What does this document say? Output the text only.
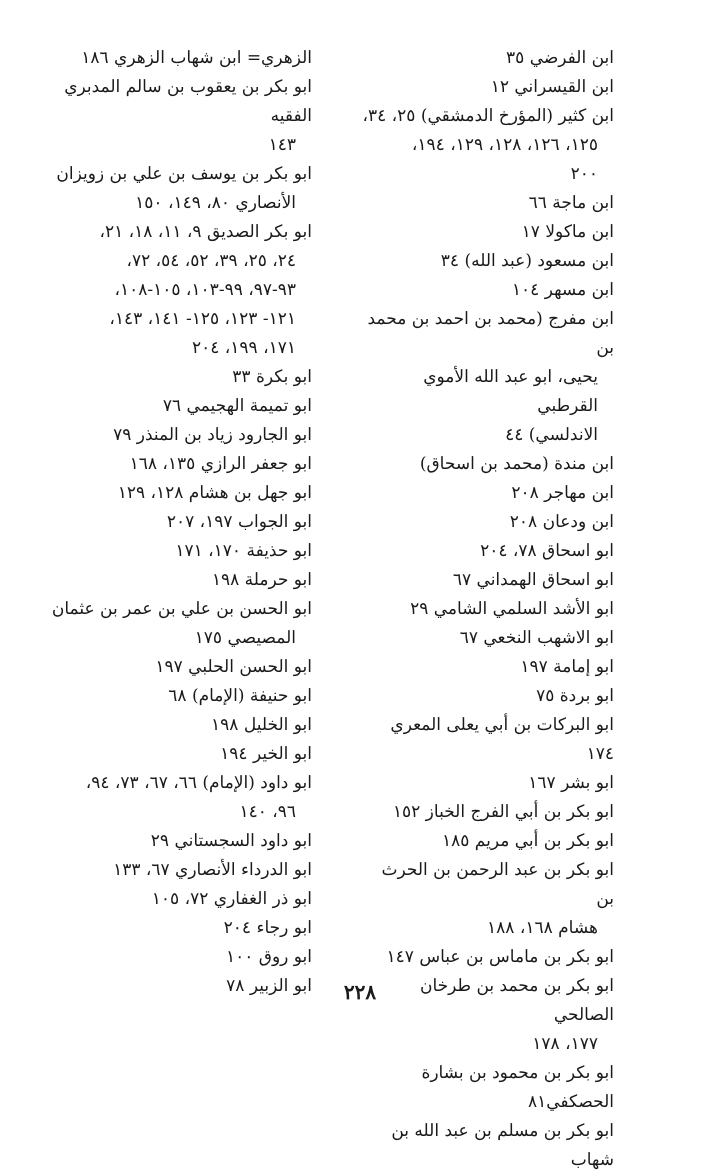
ابن الفرضي ٣٥
ابن القيسراني ١٢
ابن كثير (المؤرخ الدمشقي) ٢٥، ٣٤،

١٢٥، ١٢٦، ١٢٨، ١٢٩، ١٩٤،
٢٠٠
ابن ماجة ٦٦
ابن ماكولا ١٧
ابن مسعود (عبد الله) ٣٤
ابن مسهر ١٠٤
ابن مفرج (محمد بن احمد بن محمد بن

يحيى، ابو عبد الله الأموي القرطبي
الاندلسي) ٤٤
ابن مندة (محمد بن اسحاق)
ابن مهاجر ٢٠٨
ابن ودعان ٢٠٨
ابو اسحاق ٧٨، ٢٠٤
ابو اسحاق الهمداني ٦٧
ابو الأشد السلمي الشامي ٢٩
ابو الاشهب النخعي ٦٧
ابو إمامة ١٩٧
ابو بردة ٧٥
ابو البركات بن أبي يعلى المعري ١٧٤
ابو بشر ١٦٧
ابو بكر بن أبي الفرج الخباز ١٥٢
ابو بكر بن أبي مريم ١٨٥
ابو بكر بن عبد الرحمن بن الحرث بن

هشام ١٦٨، ١٨٨
ابو بكر بن ماماس بن عباس ١٤٧
ابو بكر بن محمد بن طرخان الصالحي

١٧٧، ١٧٨
ابو بكر بن محمود بن بشارة الحصكفي٨١
ابو بكر بن مسلم بن عبد الله بن شهاب
الزهري= ابن شهاب الزهري ١٨٦
ابو بكر بن يعقوب بن سالم المدبري الفقيه

١٤٣
ابو بكر بن يوسف بن علي بن زويزان

الأنصاري ٨٠، ١٤٩، ١٥٠
ابو بكر الصديق ٩، ١١، ١٨، ٢١،

٢٤، ٢٥، ٣٩، ٥٢، ٥٤، ٧٢،
٩٣-٩٧، ٩٩-١٠٣، ١٠٥-١٠٨،
١٢١- ١٢٣، ١٢٥- ١٤١، ١٤٣،
١٧١، ١٩٩، ٢٠٤
ابو بكرة ٣٣
ابو تميمة الهجيمي ٧٦
ابو الجارود زياد بن المنذر ٧٩
ابو جعفر الرازي ١٣٥، ١٦٨
ابو جهل بن هشام ١٢٨، ١٢٩
ابو الجواب ١٩٧، ٢٠٧
ابو حذيفة ١٧٠، ١٧١
ابو حرملة ١٩٨
ابو الحسن بن علي بن عمر بن عثمان

المصيصي ١٧٥
ابو الحسن الحلبي ١٩٧
ابو حنيفة (الإمام) ٦٨
ابو الخليل ١٩٨
ابو الخير ١٩٤
ابو داود (الإمام) ٦٦، ٦٧، ٧٣، ٩٤،

٩٦، ١٤٠
ابو داود السجستاني ٢٩
ابو الدرداء الأنصاري ٦٧، ١٣٣
ابو ذر الغفاري ٧٢، ١٠٥
ابو رجاء ٢٠٤
ابو روق ١٠٠
ابو الزبير ٧٨	٢٢٨
